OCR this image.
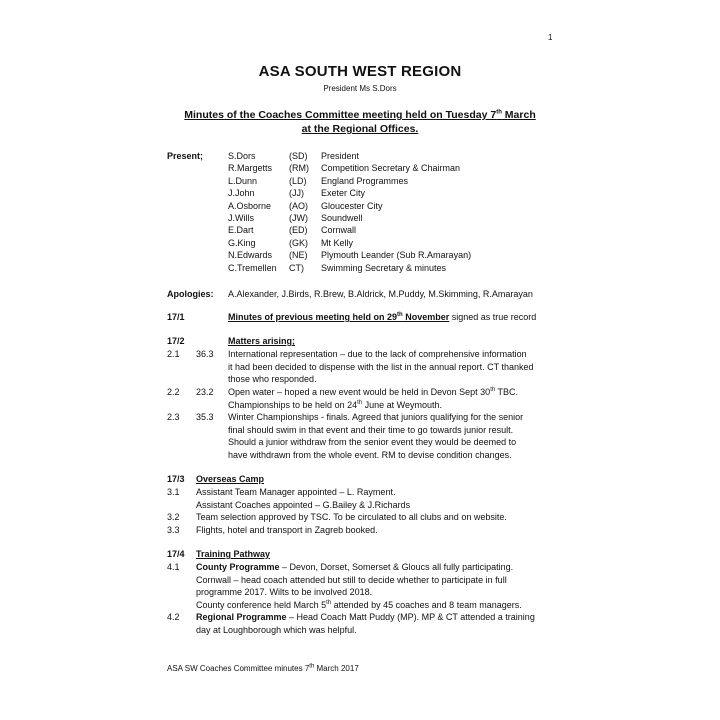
1
ASA SOUTH WEST REGION
President Ms S.Dors
Minutes of the Coaches Committee meeting held on Tuesday 7th March
at the Regional Offices.
Present;	S.Dors	(SD) President
R.Margetts (RM) Competition Secretary & Chairman
L.Dunn	(LD) England Programmes
J.John	(JJ) Exeter City
A.Osborne (AO) Gloucester City
J.Wills	(JW) Soundwell
E.Dart	(ED) Cornwall
G.King	(GK) Mt Kelly
N.Edwards (NE) Plymouth Leander (Sub R.Amarayan)
C.Tremellen CT) Swimming Secretary & minutes
Apologies: A.Alexander, J.Birds, R.Brew, B.Aldrick, M.Puddy, M.Skimming, R.Amarayan
17/1	Minutes of previous meeting held on 29th November signed as true record
17/2	Matters arising;
2.1 36.3 International representation – due to the lack of comprehensive information
it had been decided to dispense with the list in the annual report. CT thanked
those who responded.
2.2 23.2 Open water – hoped a new event would be held in Devon Sept 30th TBC.
Championships to be held on 24th June at Weymouth.
2.3 35.3 Winter Championships - finals. Agreed that juniors qualifying for the senior
final should swim in that event and their time to go towards junior result.
Should a junior withdraw from the senior event they would be deemed to
have withdrawn from the whole event. RM to devise condition changes.
17/3 Overseas Camp
3.1 Assistant Team Manager appointed – L. Rayment.
Assistant Coaches appointed – G.Bailey & J.Richards
3.2 Team selection approved by TSC. To be circulated to all clubs and on website.
3.3 Flights, hotel and transport in Zagreb booked.
17/4 Training Pathway
4.1 County Programme – Devon, Dorset, Somerset & Gloucs all fully participating.
Cornwall – head coach attended but still to decide whether to participate in full
programme 2017. Wilts to be involved 2018.
County conference held March 5th attended by 45 coaches and 8 team managers.
4.2 Regional Programme – Head Coach Matt Puddy (MP). MP & CT attended a training
day at Loughborough which was helpful.
ASA SW Coaches Committee minutes 7th March 2017
